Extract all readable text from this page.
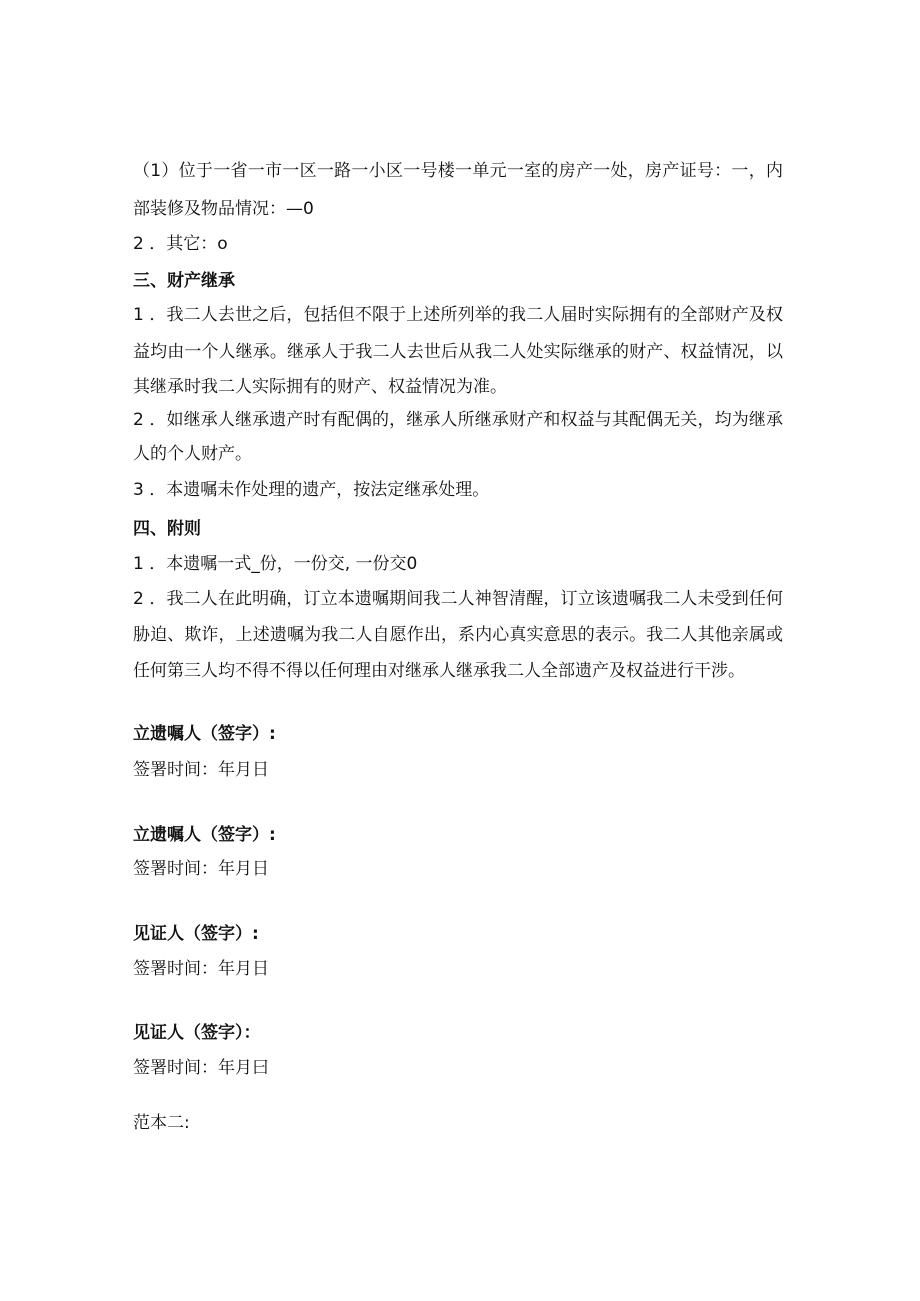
（1）位于一省一市一区一路一小区一号楼一单元一室的房产一处，房产证号：一，内
部装修及物品情况：—0
2 ．其它：o
三、财产继承
1 ．我二人去世之后，包括但不限于上述所列举的我二人届时实际拥有的全部财产及权
益均由一个人继承。继承人于我二人去世后从我二人处实际继承的财产、权益情况，以
其继承时我二人实际拥有的财产、权益情况为准。
2 ．如继承人继承遗产时有配偶的，继承人所继承财产和权益与其配偶无关，均为继承
人的个人财产。
3 ．本遗嘱未作处理的遗产，按法定继承处理。
四、附则
1 ．本遗嘱一式_份，一份交, 一份交0
2 ．我二人在此明确，订立本遗嘱期间我二人神智清醒，订立该遗嘱我二人未受到任何
胁迫、欺诈，上述遗嘱为我二人自愿作出，系内心真实意思的表示。我二人其他亲属或
任何第三人均不得不得以任何理由对继承人继承我二人全部遗产及权益进行干涉。
立遗嘱人（签字）:
签署时间：年月日
立遗嘱人（签字）:
签署时间：年月日
见证人（签字）:
签署时间：年月日
见证人（签字）：
签署时间：年月曰
范本二:
